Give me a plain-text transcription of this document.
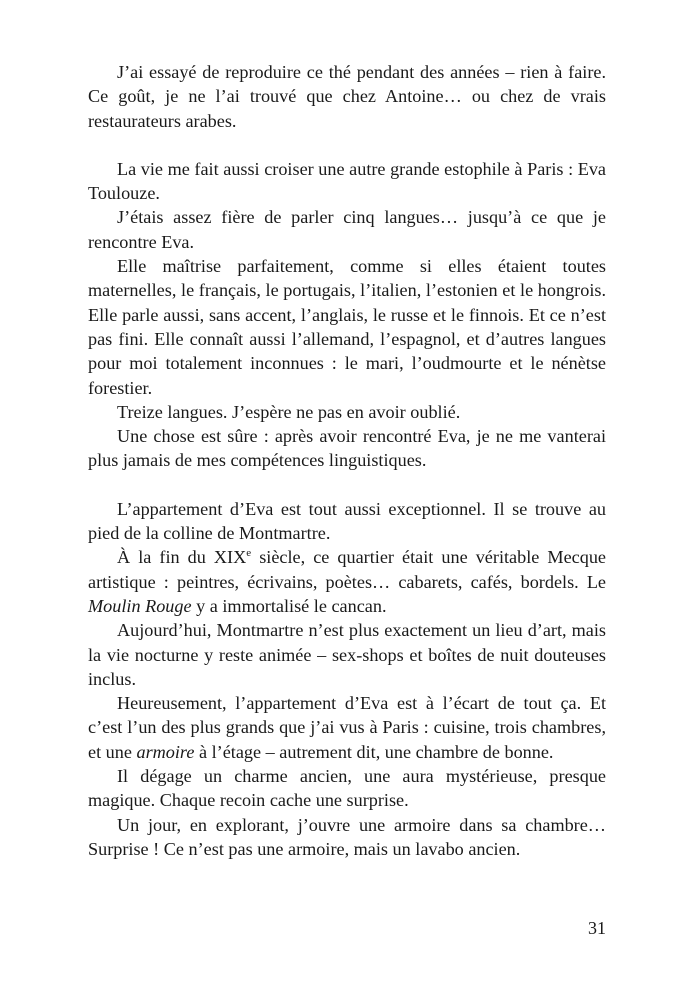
J’ai essayé de reproduire ce thé pendant des années – rien à faire. Ce goût, je ne l’ai trouvé que chez Antoine… ou chez de vrais restaurateurs arabes.

La vie me fait aussi croiser une autre grande estophile à Paris : Eva Toulouze.

J’étais assez fière de parler cinq langues… jusqu’à ce que je rencontre Eva.

Elle maîtrise parfaitement, comme si elles étaient toutes maternelles, le français, le portugais, l’italien, l’estonien et le hongrois. Elle parle aussi, sans accent, l’anglais, le russe et le finnois. Et ce n’est pas fini. Elle connaît aussi l’allemand, l’espagnol, et d’autres langues pour moi totalement inconnues : le mari, l’oudmourte et le nénètse forestier.

Treize langues. J’espère ne pas en avoir oublié.

Une chose est sûre : après avoir rencontré Eva, je ne me vanterai plus jamais de mes compétences linguistiques.

L’appartement d’Eva est tout aussi exceptionnel. Il se trouve au pied de la colline de Montmartre.

À la fin du XIXe siècle, ce quartier était une véritable Mecque artistique : peintres, écrivains, poètes… cabarets, cafés, bordels. Le Moulin Rouge y a immortalisé le cancan.

Aujourd’hui, Montmartre n’est plus exactement un lieu d’art, mais la vie nocturne y reste animée – sex-shops et boîtes de nuit douteuses inclus.

Heureusement, l’appartement d’Eva est à l’écart de tout ça. Et c’est l’un des plus grands que j’ai vus à Paris : cuisine, trois chambres, et une armoire à l’étage – autrement dit, une chambre de bonne.

Il dégage un charme ancien, une aura mystérieuse, presque magique. Chaque recoin cache une surprise.

Un jour, en explorant, j’ouvre une armoire dans sa chambre… Surprise ! Ce n’est pas une armoire, mais un lavabo ancien.

31
